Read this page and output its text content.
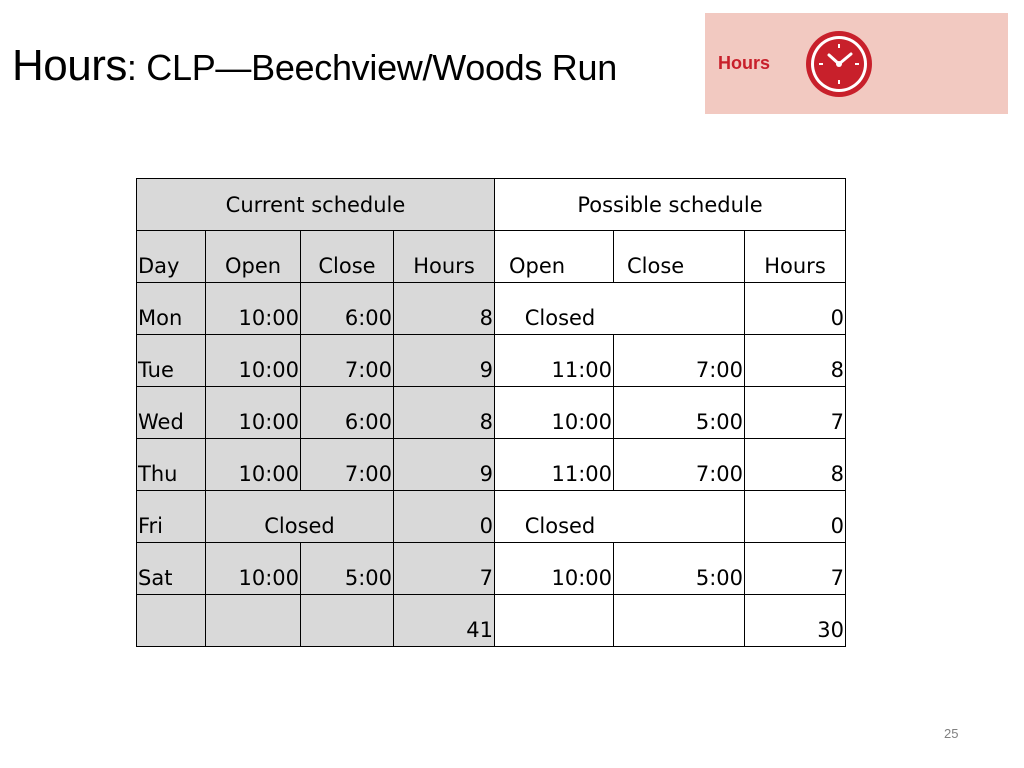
Hours: CLP—Beechview/Woods Run	Hours
Current schedule				Possible schedule		
Day	Open	Close	Hours	Open	Close	Hours
Mon	10:00	6:00	8	Closed		0
Tue	10:00	7:00	9	11:00	7:00	8
Wed	10:00	6:00	8	10:00	5:00	7
Thu	10:00	7:00	9	11:00	7:00	8
Fri	Closed		0	Closed		0
Sat	10:00	5:00	7	10:00	5:00	7
			41			30
25
